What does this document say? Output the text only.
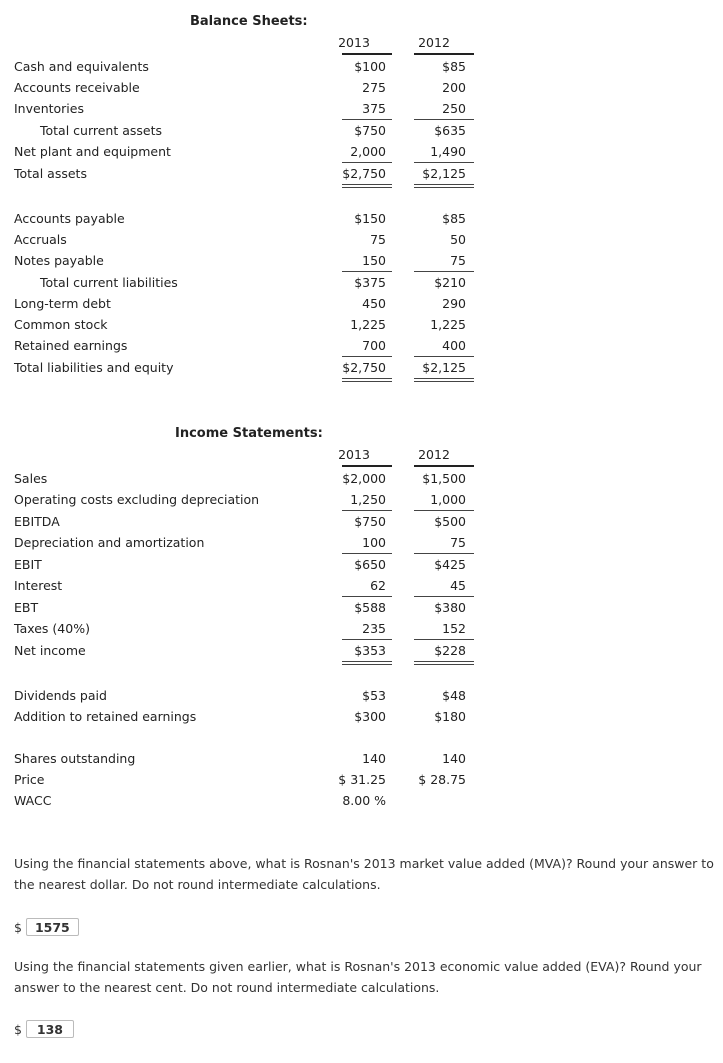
Balance Sheets:
2013	2012
Cash and equivalents	$100	$85
Accounts receivable	275	200
Inventories	375	250
Total current assets	$750	$635
Net plant and equipment	2,000	1,490
Total assets	$2,750	$2,125
Accounts payable	$150	$85
Accruals	75	50
Notes payable	150	75
Total current liabilities	$375	$210
Long-term debt	450	290
Common stock	1,225	1,225
Retained earnings	700	400
Total liabilities and equity	$2,750	$2,125
Income Statements:
2013	2012
Sales	$2,000	$1,500
Operating costs excluding depreciation	1,250	1,000
EBITDA	$750	$500
Depreciation and amortization	100	75
EBIT	$650	$425
Interest	62	45
EBT	$588	$380
Taxes (40%)	235	152
Net income	$353	$228
Dividends paid	$53	$48
Addition to retained earnings	$300	$180
Shares outstanding	140	140
Price	$ 31.25	$ 28.75
WACC	8.00 %
Using the financial statements above, what is Rosnan's 2013 market value added (MVA)? Round your answer to the nearest dollar. Do not round intermediate calculations.
$	1575
Using the financial statements given earlier, what is Rosnan's 2013 economic value added (EVA)? Round your answer to the nearest cent. Do not round intermediate calculations.
$	138
